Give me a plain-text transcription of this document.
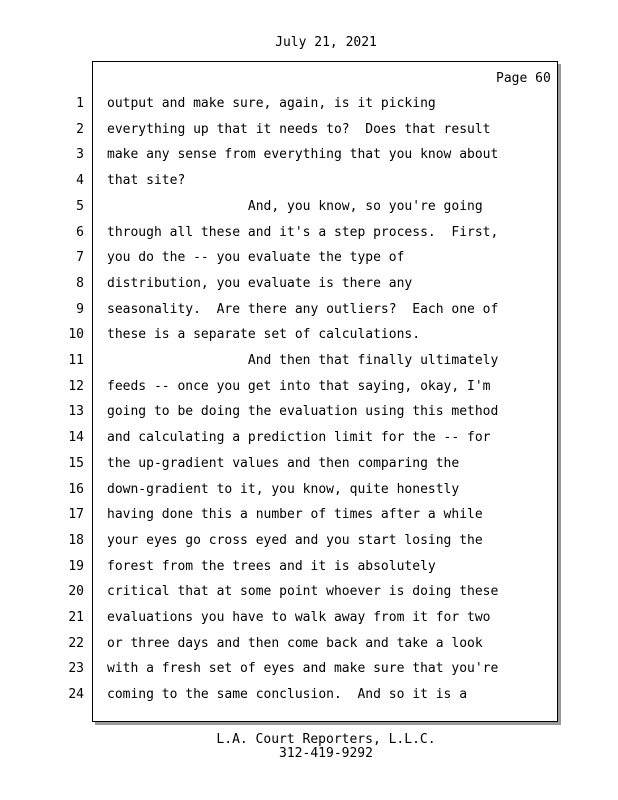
July 21, 2021
Page 60
1 output and make sure, again, is it picking
2 everything up that it needs to?  Does that result
3 make any sense from everything that you know about
4 that site?
5 And, you know, so you're going
6 through all these and it's a step process.  First,
7 you do the -- you evaluate the type of
8 distribution, you evaluate is there any
9 seasonality.  Are there any outliers?  Each one of
10 these is a separate set of calculations.
11 And then that finally ultimately
12 feeds -- once you get into that saying, okay, I'm
13 going to be doing the evaluation using this method
14 and calculating a prediction limit for the -- for
15 the up-gradient values and then comparing the
16 down-gradient to it, you know, quite honestly
17 having done this a number of times after a while
18 your eyes go cross eyed and you start losing the
19 forest from the trees and it is absolutely
20 critical that at some point whoever is doing these
21 evaluations you have to walk away from it for two
22 or three days and then come back and take a look
23 with a fresh set of eyes and make sure that you're
24 coming to the same conclusion.  And so it is a
L.A. Court Reporters, L.L.C.
312-419-9292
